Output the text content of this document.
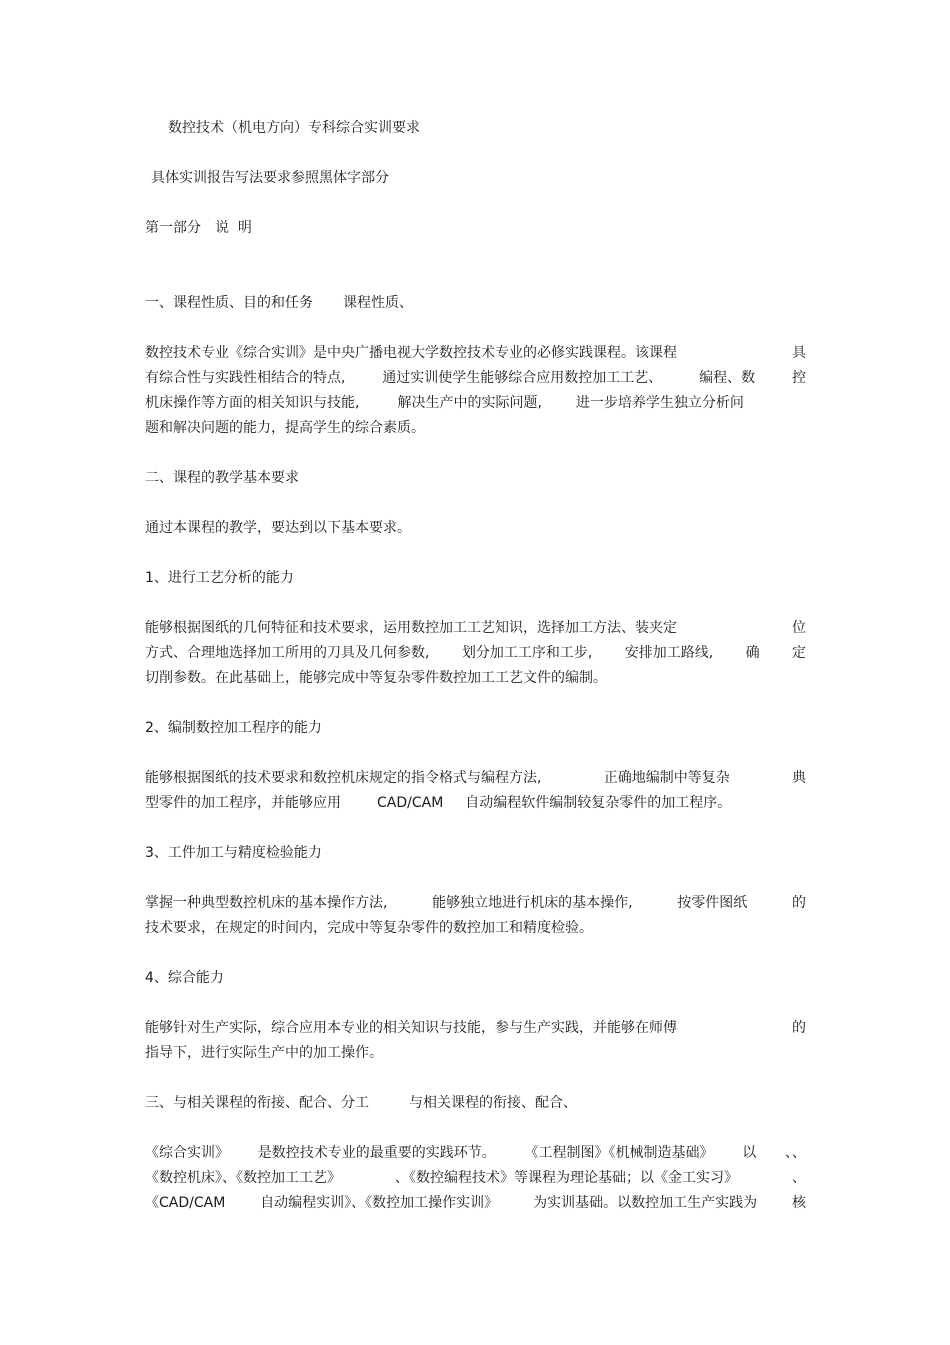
数控技术（机电方向）专科综合实训要求
具体实训报告写法要求参照黑体字部分
第一部分　说  明
一、课程性质、目的和任务 课程性质、
数控技术专业《综合实训》是中央广播电视大学数控技术专业的必修实践课程。该课程	具
有综合性与实践性相结合的特点,	通过实训使学生能够综合应用数控加工工艺、	编程、数	控
机床操作等方面的相关知识与技能,	解决生产中的实际问题, 进一步培养学生独立分析问
题和解决问题的能力，提高学生的综合素质。
二、课程的教学基本要求
通过本课程的教学，要达到以下基本要求。
1、进行工艺分析的能力
能够根据图纸的几何特征和技术要求，运用数控加工工艺知识，选择加工方法、装夹定	位
方式、合理地选择加工所用的刀具及几何参数, 划分加工工序和工步, 安排加工路线, 确 定
切削参数。在此基础上，能够完成中等复杂零件数控加工工艺文件的编制。
2、编制数控加工程序的能力
能够根据图纸的技术要求和数控机床规定的指令格式与编程方法,	正确地编制中等复杂	典
型零件的加工程序，并能够应用	CAD/CAM 自动编程软件编制较复杂零件的加工程序。
3、工件加工与精度检验能力
掌握一种典型数控机床的基本操作方法,	能够独立地进行机床的基本操作,	按零件图纸	的
技术要求，在规定的时间内，完成中等复杂零件的数控加工和精度检验。
4、综合能力
能够针对生产实际，综合应用本专业的相关知识与技能，参与生产实践，并能够在师傅	的
指导下，进行实际生产中的加工操作。
三、与相关课程的衔接、配合、分工	与相关课程的衔接、配合、
《综合实训》 是数控技术专业的最重要的实践环节。 《工程制图》《机械制造基础》 以 、、
《数控机床》、《数控加工工艺》	、《数控编程技术》等课程为理论基础；以《金工实习》	、
《CAD/CAM 自动编程实训》、《数控加工操作实训》 为实训基础。以数控加工生产实践为 核
